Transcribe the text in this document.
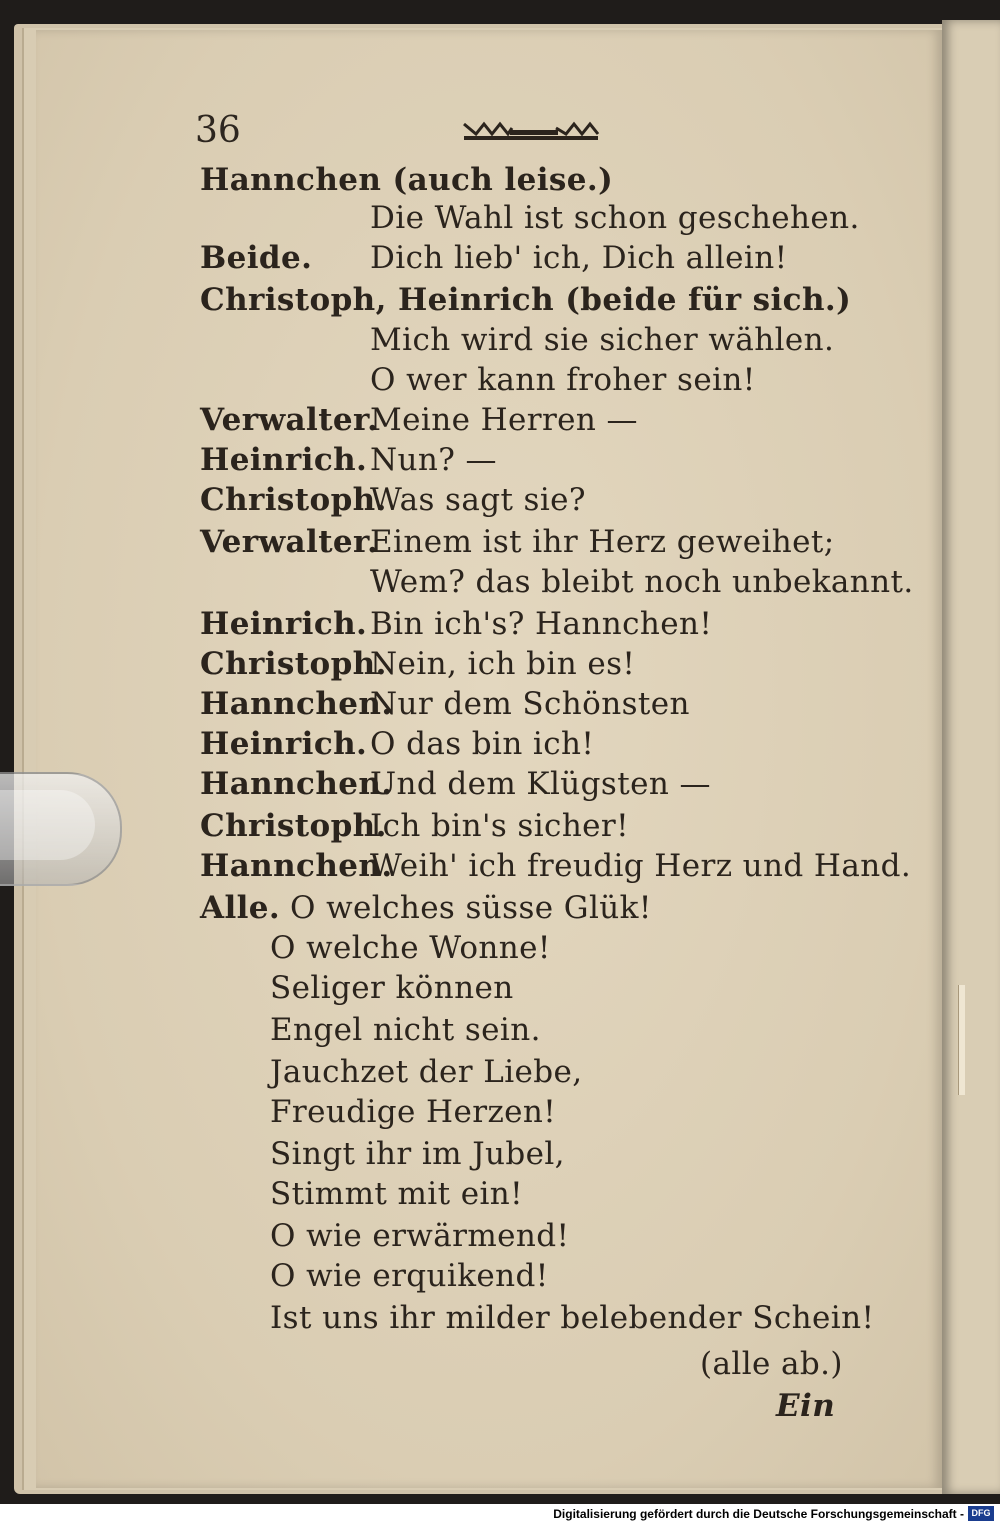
36
Hannchen (auch leise.)
Die Wahl ist schon geschehen.
Beide. Dich lieb' ich, Dich allein!
Christoph, Heinrich (beide für sich.)
Mich wird sie sicher wählen.
O wer kann froher sein!
Verwalter.
Meine Herren —
Heinrich. Nun? —
Christoph.
Was sagt sie?
Verwalter.
Einem ist ihr Herz geweihet;
Wem? das bleibt noch unbekannt.
Heinrich. Bin ich's? Hannchen!
Christoph.
Nein, ich bin es!
Hannchen.
Nur dem Schönsten
Heinrich. O das bin ich!
Hannchen.
Und dem Klügsten —
Christoph.
Ich bin's sicher!
Hannchen.
Weih' ich freudig Herz und Hand.
Alle. O welches süsse Glük!
O welche Wonne!
Seliger können
Engel nicht sein.
Jauchzet der Liebe,
Freudige Herzen!
Singt ihr im Jubel,
Stimmt mit ein!
O wie erwärmend!
O wie erquikend!
Ist uns ihr milder belebender Schein!
(alle ab.)
Ein
Digitalisierung gefördert durch die Deutsche Forschungsgemeinschaft - DFG
